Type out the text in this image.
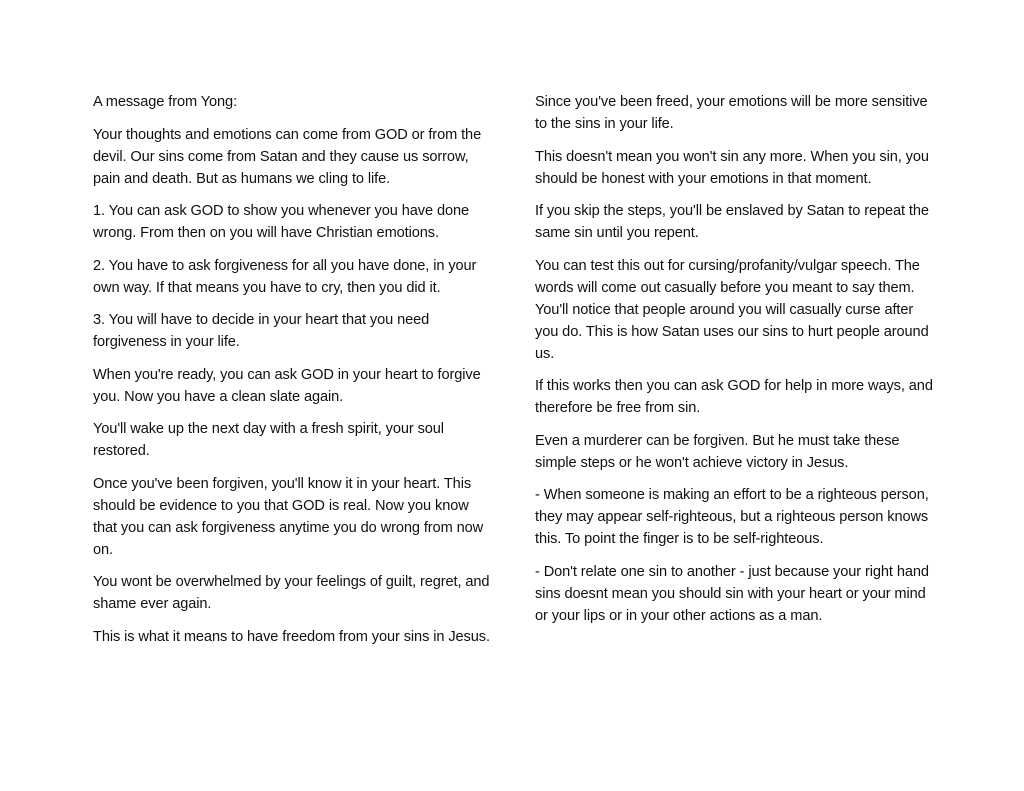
A message from Yong:

Your thoughts and emotions can come from GOD or from the devil. Our sins come from Satan and they cause us sorrow, pain and death. But as humans we cling to life.

1. You can ask GOD to show you whenever you have done wrong. From then on you will have Christian emotions.

2. You have to ask forgiveness for all you have done, in your own way. If that means you have to cry, then you did it.

3. You will have to decide in your heart that you need forgiveness in your life.

When you're ready, you can ask GOD in your heart to forgive you. Now you have a clean slate again.

You'll wake up the next day with a fresh spirit, your soul restored.

Once you've been forgiven, you'll know it in your heart. This should be evidence to you that GOD is real. Now you know that you can ask forgiveness anytime you do wrong from now on.

You wont be overwhelmed by your feelings of guilt, regret, and shame ever again.

This is what it means to have freedom from your sins in Jesus.

Since you've been freed, your emotions will be more sensitive to the sins in your life.

This doesn't mean you won't sin any more. When you sin, you should be honest with your emotions in that moment.

If you skip the steps, you'll be enslaved by Satan to repeat the same sin until you repent.

You can test this out for cursing/profanity/vulgar speech. The words will come out casually before you meant to say them. You'll notice that people around you will casually curse after you do. This is how Satan uses our sins to hurt people around us.

If this works then you can ask GOD for help in more ways, and therefore be free from sin.

Even a murderer can be forgiven. But he must take these simple steps or he won't achieve victory in Jesus.

- When someone is making an effort to be a righteous person, they may appear self-righteous, but a righteous person knows this. To point the finger is to be self-righteous.

- Don't relate one sin to another - just because your right hand sins doesnt mean you should sin with your heart or your mind or your lips or in your other actions as a man.
